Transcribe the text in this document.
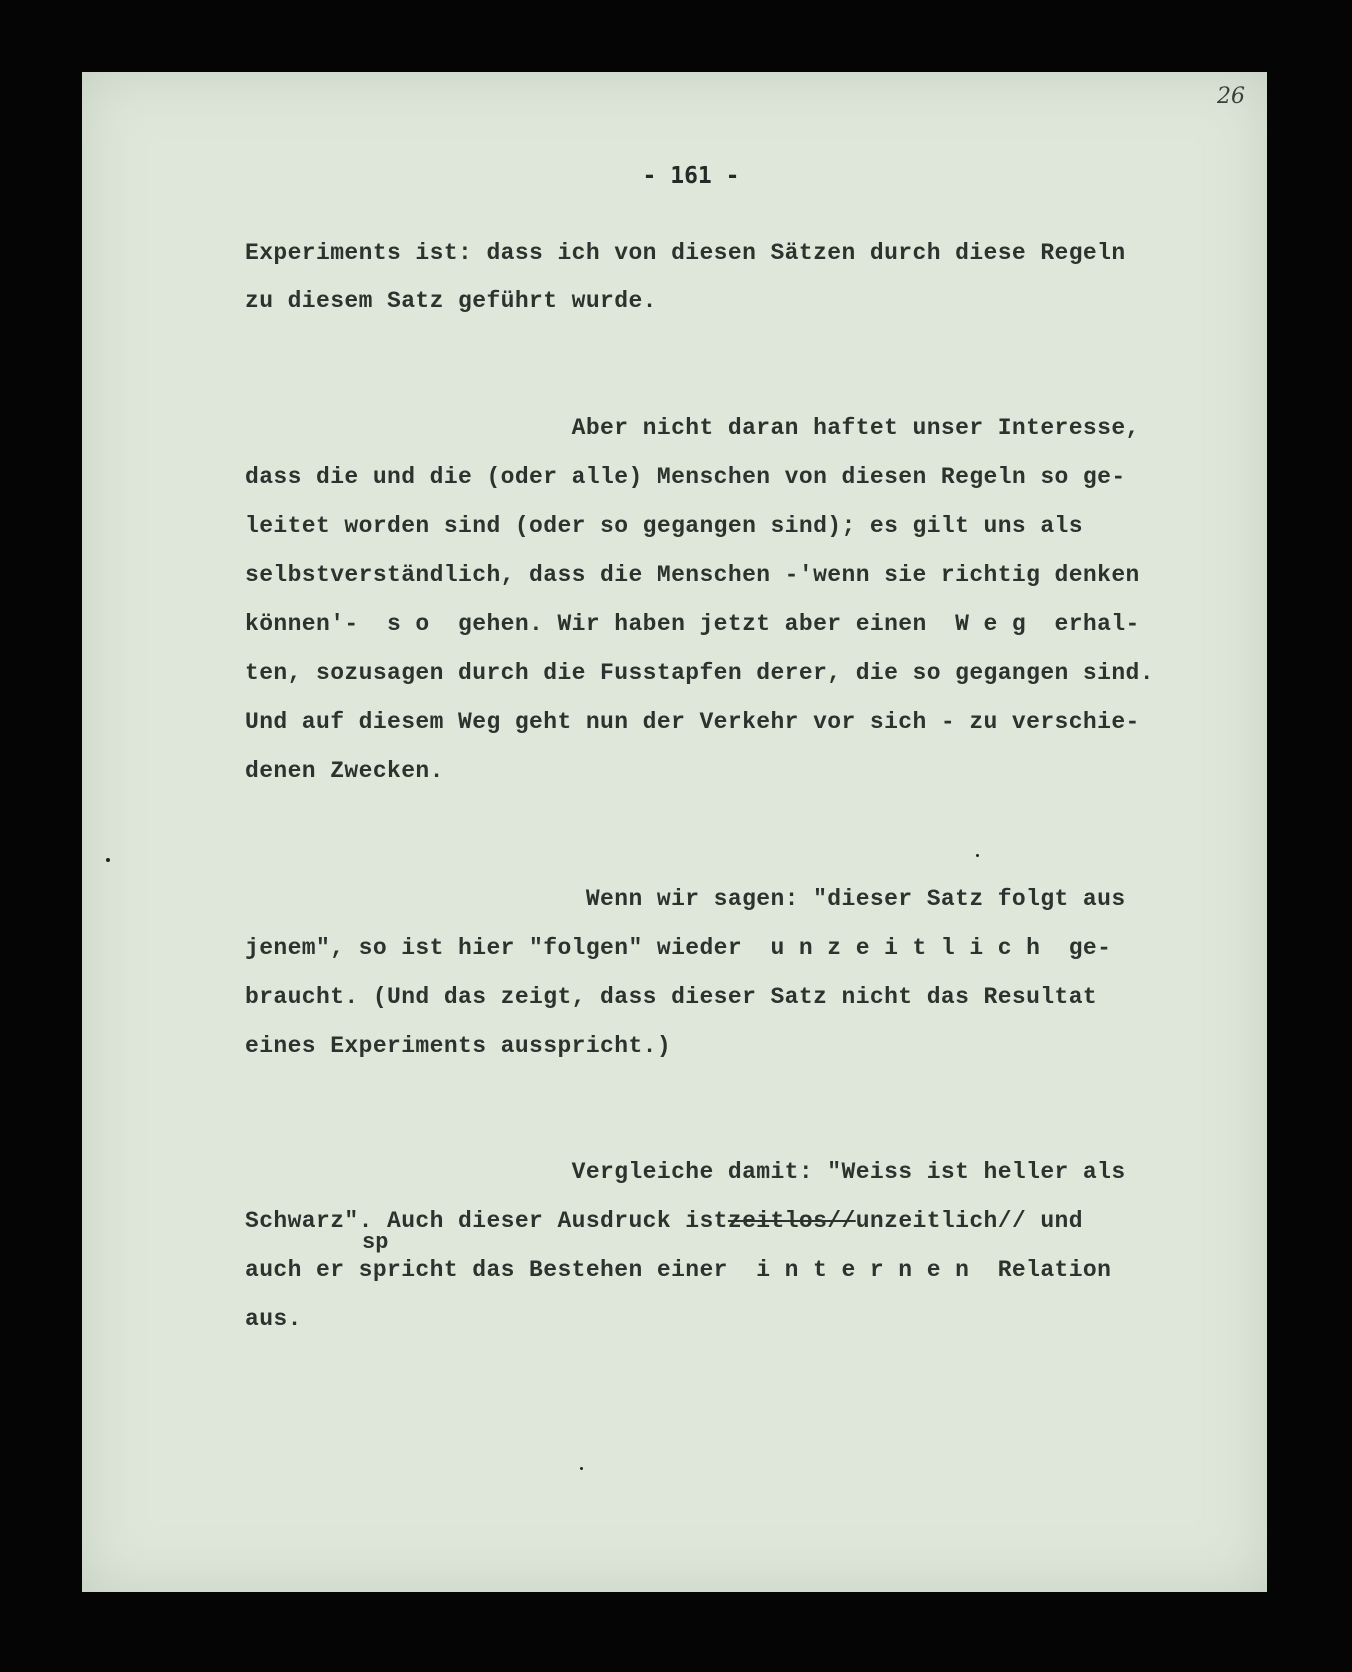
26
- 161 -
Experiments ist: dass ich von diesen Sätzen durch diese Regeln
zu diesem Satz geführt wurde.
Aber nicht daran haftet unser Interesse,
dass die und die (oder alle) Menschen von diesen Regeln so ge-
leitet worden sind (oder so gegangen sind); es gilt uns als
selbstverständlich, dass die Menschen -'wenn sie richtig denken
können'-  s o  gehen. Wir haben jetzt aber einen  W e g  erhal-
ten, sozusagen durch die Fusstapfen derer, die so gegangen sind.
Und auf diesem Weg geht nun der Verkehr vor sich - zu verschie-
denen Zwecken.
Wenn wir sagen: "dieser Satz folgt aus
jenem", so ist hier "folgen" wieder  u n z e i t l i c h  ge-
braucht. (Und das zeigt, dass dieser Satz nicht das Resultat
eines Experiments ausspricht.)
Vergleiche damit: "Weiss ist heller als
Schwarz". Auch dieser Ausdruck istzeitlos//unzeitlich// und
sp
auch er spricht das Bestehen einer  i n t e r n e n  Relation
aus.
